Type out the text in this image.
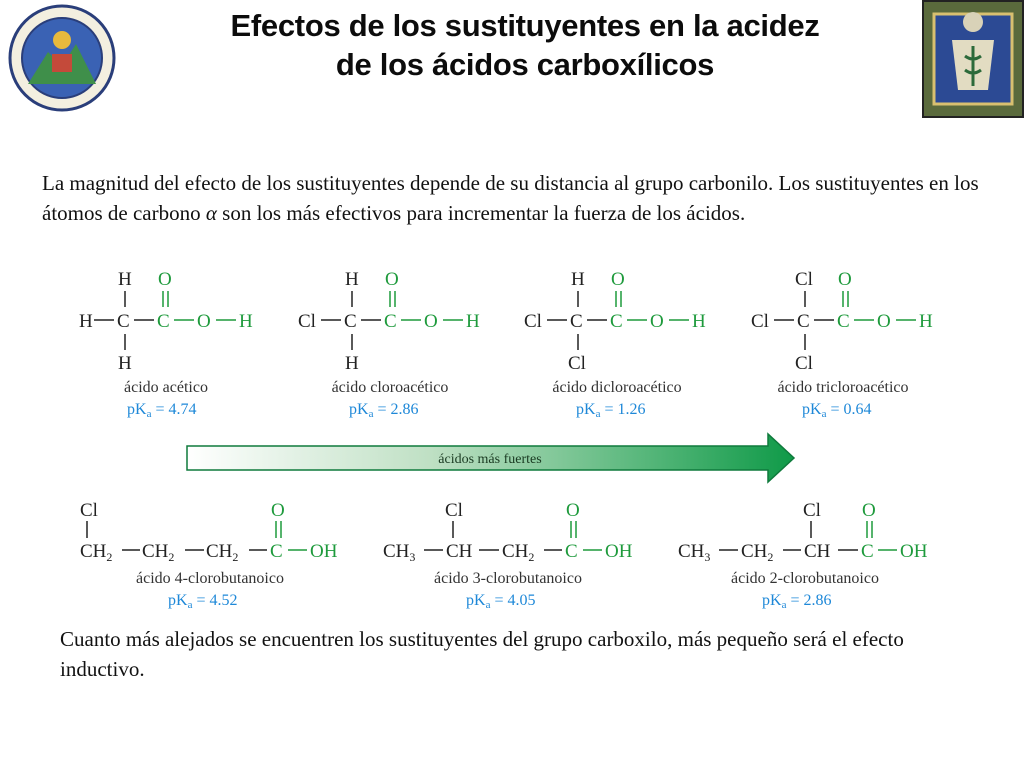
Efectos de los sustituyentes en la acidez
de los ácidos carboxílicos
La magnitud del efecto de los sustituyentes depende de su distancia al grupo carbonilo. Los sustituyentes en los átomos de carbono α son los más efectivos para incrementar la fuerza de los ácidos.
H
H
H C C
O
O H
H
H
Cl C C
O
O H
H
Cl
Cl C C
O
O H
Cl
Cl
Cl C C
O
O H
ácido acético	ácido cloroacético	ácido dicloroacético	ácido tricloroacético
pKa = 4.74	pKa = 2.86	pKa = 1.26	pKa = 0.64
ácidos más fuertes
Cl
$CH_2$ $CH_2$ $CH_2$ C
O
OH
Cl
$CH_3$ CH $CH_2$ C
O
OH
Cl
$CH_3$ $CH_2$ CH C
O
OH
ácido 4-clorobutanoico	ácido 3-clorobutanoico	ácido 2-clorobutanoico
pKa = 4.52	pKa = 4.05	pKa = 2.86
Cuanto más alejados se encuentren los sustituyentes del grupo carboxilo, más pequeño será el efecto inductivo.
